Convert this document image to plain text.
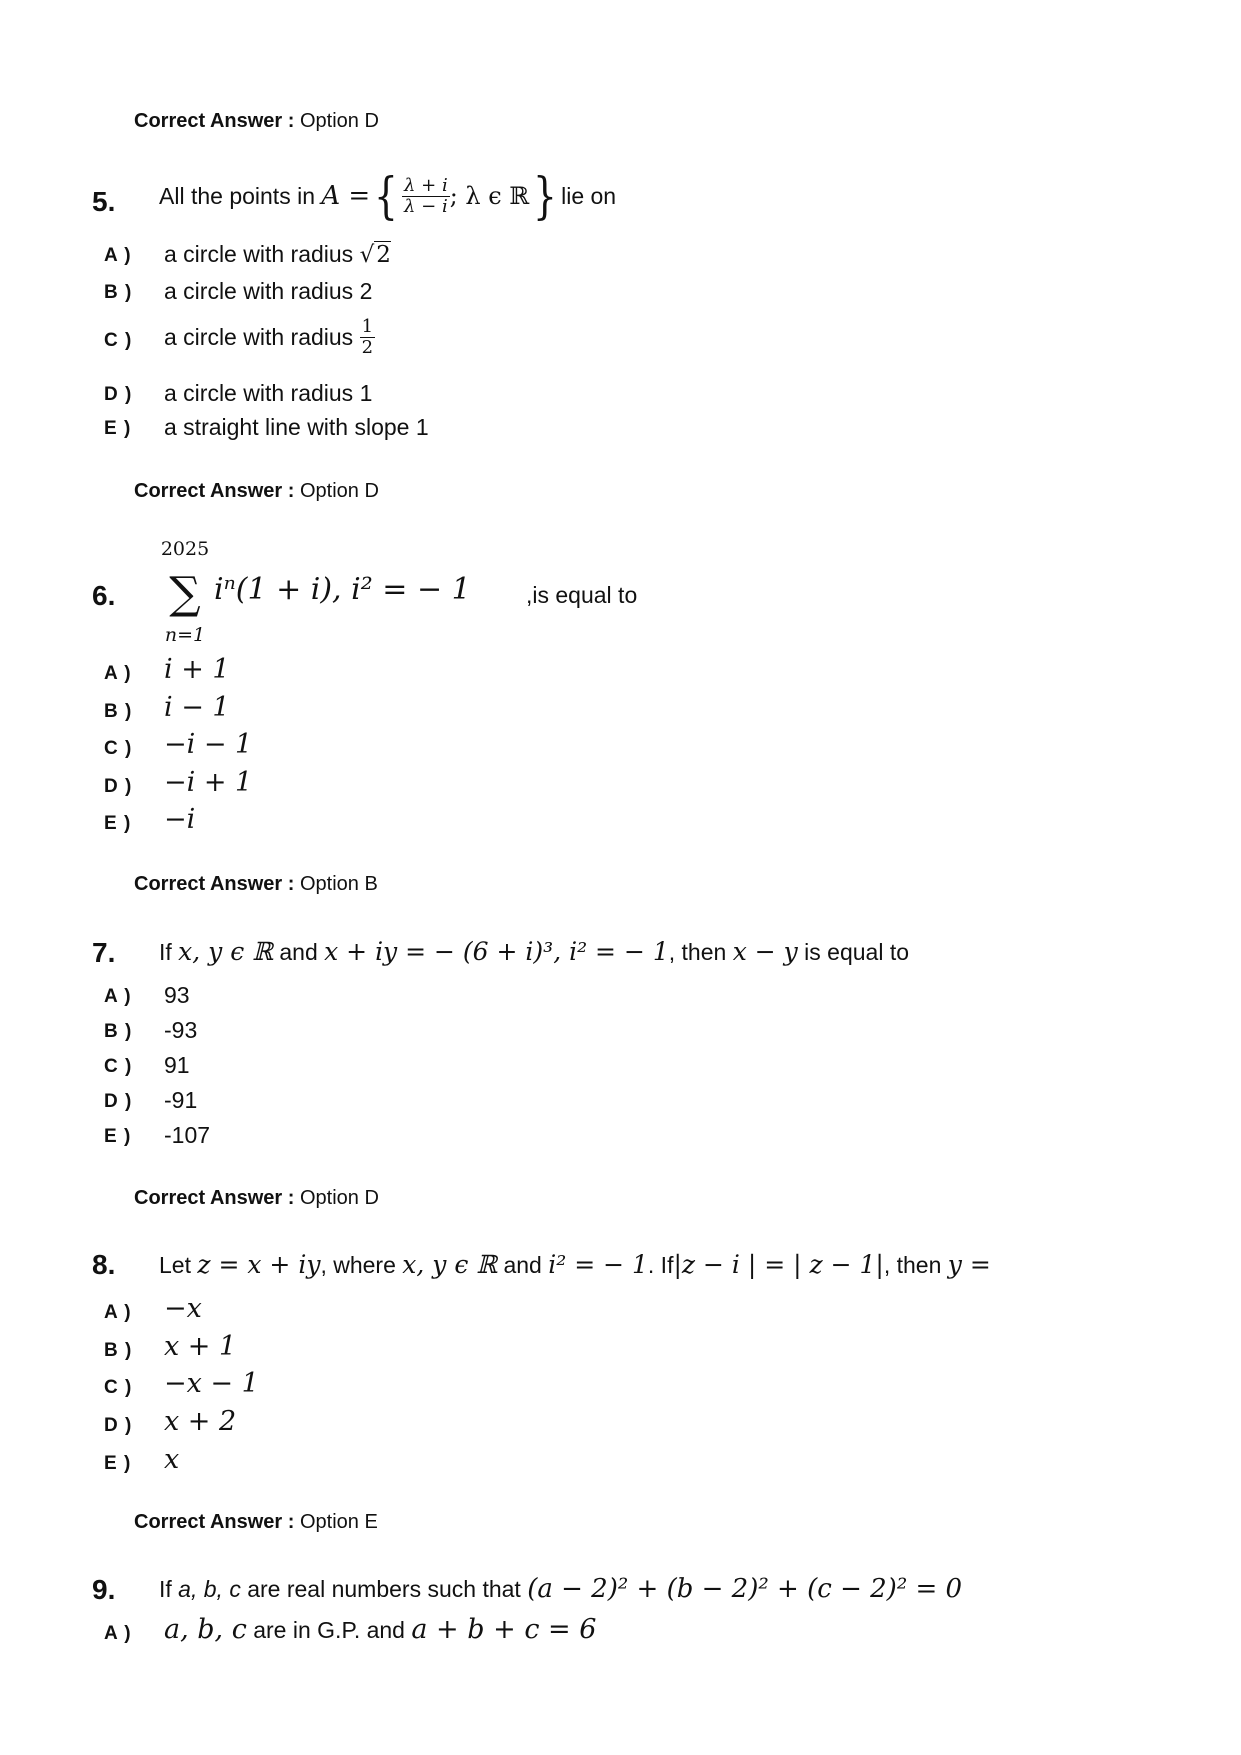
Correct Answer : Option D
5. All the points in
A = { $\frac{\lambda + i}{\lambda - i}$ ; λ ϵ ℝ } lie on
A ) a circle with radius √2
B ) a circle with radius 2
C ) a circle with radius
$\frac{1}{2}$
D ) a circle with radius 1
E ) a straight line with slope 1
Correct Answer : Option D
6.
2025
∑
n=1
iⁿ(1 + i), i² = − 1 ,is equal to
A ) i + 1
B ) i − 1
C ) −i − 1
D ) −i + 1
E ) −i
Correct Answer : Option B
7. If x, y ϵ ℝ and x + iy = − (6 + i)³, i² = − 1, then x − y is equal to
A ) 93
B ) -93
C ) 91
D ) -91
E ) -107
Correct Answer : Option D
8. Let z = x + iy, where x, y ϵ ℝ and i² = − 1. If|z − i | = | z − 1|, then y =
A ) −x
B ) x + 1
C ) −x − 1
D ) x + 2
E ) x
Correct Answer : Option E
9. If a, b, c are real numbers such that (a − 2)² + (b − 2)² + (c − 2)² = 0
A ) a, b, c are in G.P. and a + b + c = 6
